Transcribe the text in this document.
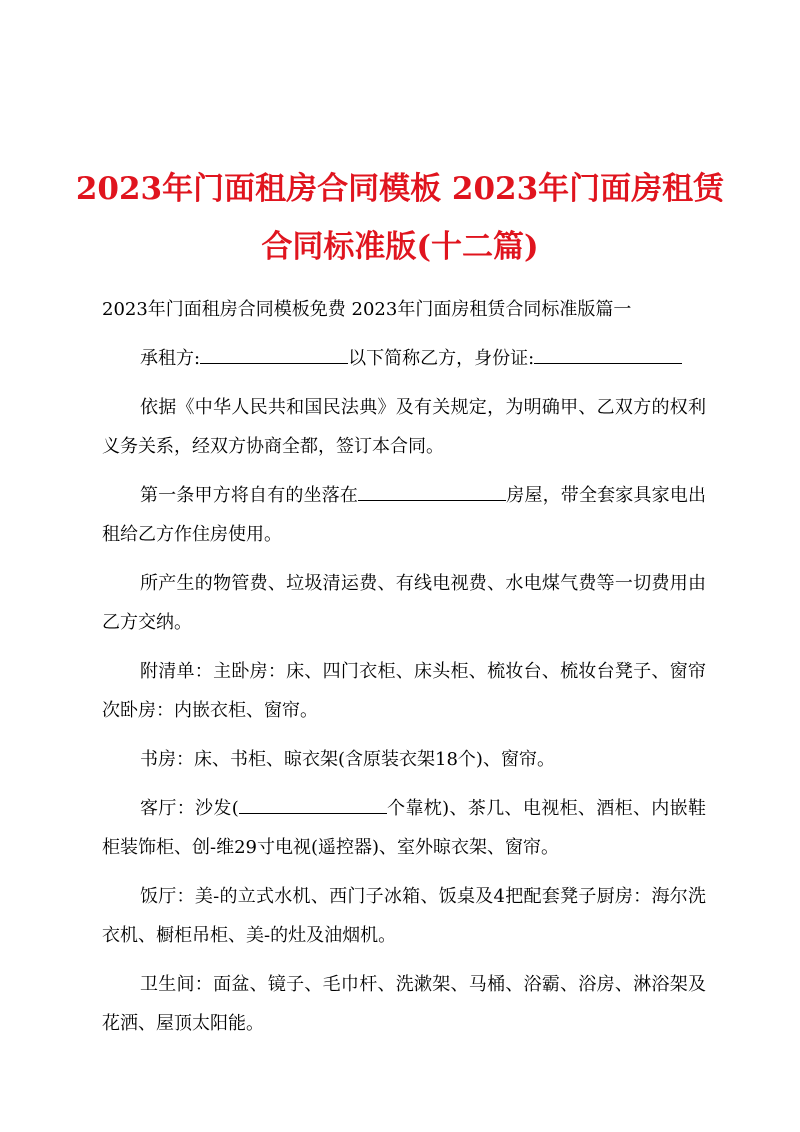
2023年门面租房合同模板 2023年门面房租赁
合同标准版(十二篇)

2023年门面租房合同模板免费 2023年门面房租赁合同标准版篇一

承租方:	以下简称乙方，身份证:

依据《中华人民共和国民法典》及有关规定，为明确甲、乙双方的权利义务关系，经双方协商全都，签订本合同。

第一条甲方将自有的坐落在	房屋，带全套家具家电出租给乙方作住房使用。

所产生的物管费、垃圾清运费、有线电视费、水电煤气费等一切费用由乙方交纳。

附清单：主卧房：床、四门衣柜、床头柜、梳妆台、梳妆台凳子、窗帘次卧房：内嵌衣柜、窗帘。

书房：床、书柜、晾衣架(含原装衣架18个)、窗帘。

客厅：沙发(	个靠枕)、茶几、电视柜、酒柜、内嵌鞋柜装饰柜、创-维29寸电视(遥控器)、室外晾衣架、窗帘。

饭厅：美-的立式水机、西门子冰箱、饭桌及4把配套凳子厨房：海尔洗衣机、橱柜吊柜、美-的灶及油烟机。

卫生间：面盆、镜子、毛巾杆、洗漱架、马桶、浴霸、浴房、淋浴架及花洒、屋顶太阳能。
